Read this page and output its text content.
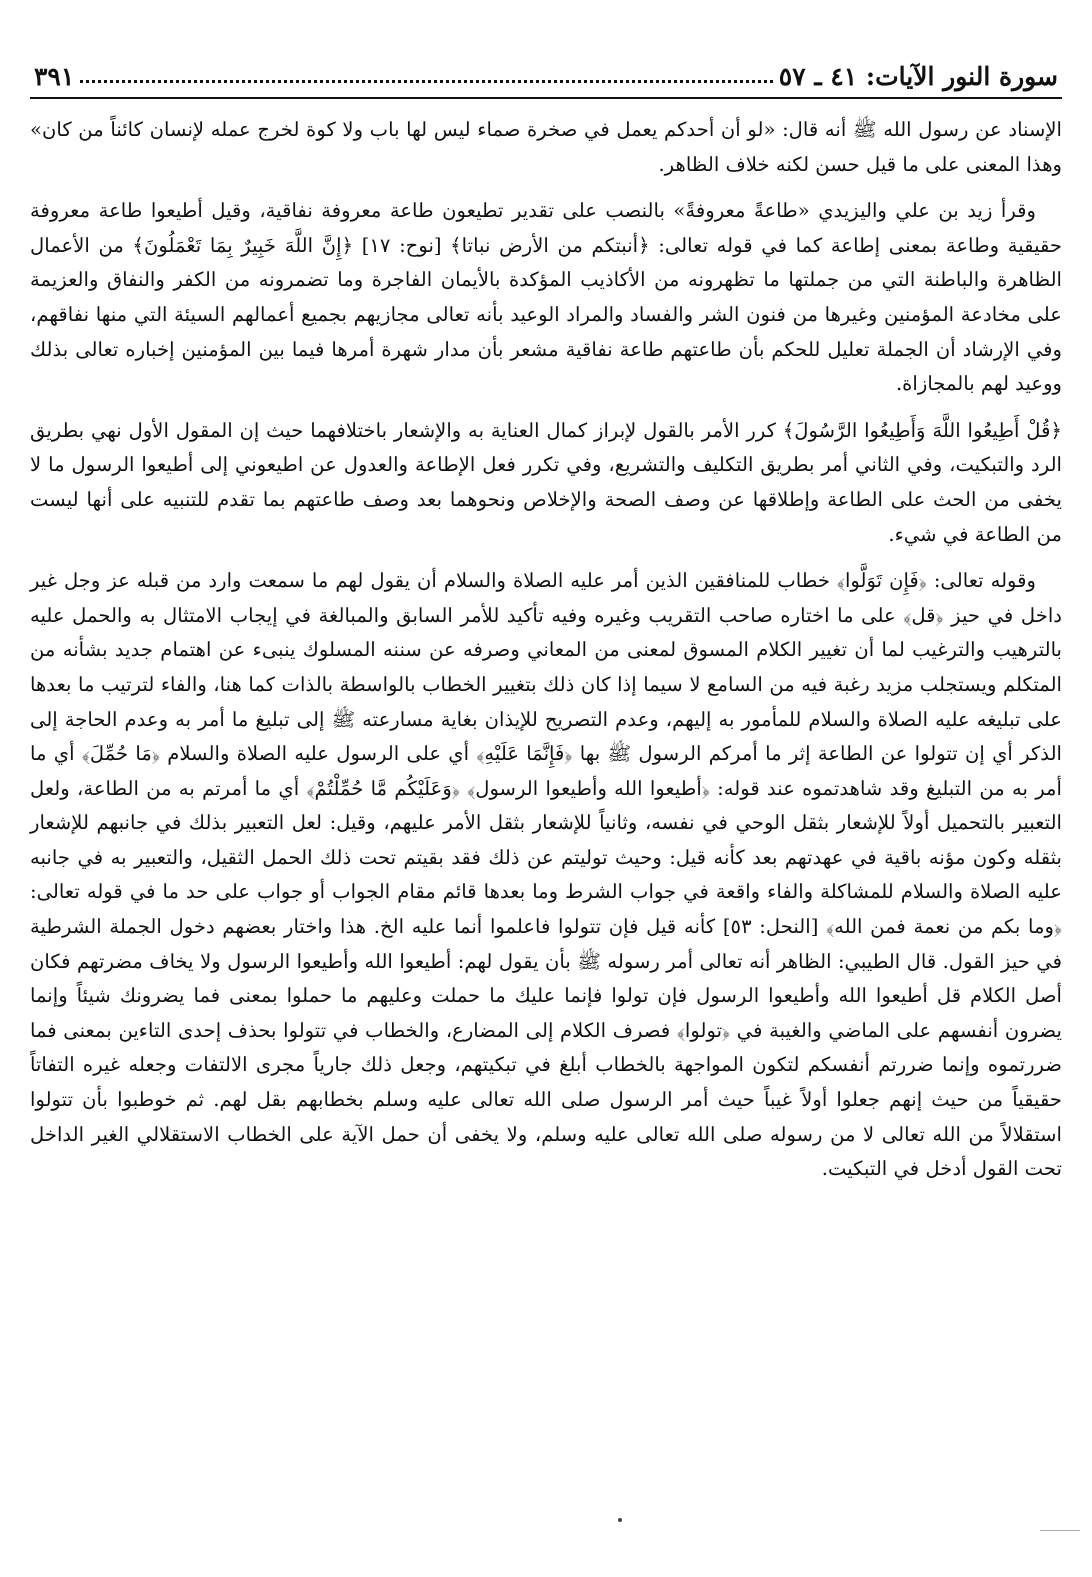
سورة النور الآيات: ٤١ ـ ٥٧
٣٩١

الإسناد عن رسول الله ﷺ أنه قال: «لو أن أحدكم يعمل في صخرة صماء ليس لها باب ولا كوة لخرج عمله لإنسان كائناً من كان» وهذا المعنى على ما قيل حسن لكنه خلاف الظاهر.

وقرأ زيد بن علي واليزيدي «طاعةً معروفةً» بالنصب على تقدير تطيعون طاعة معروفة نفاقية، وقيل أطيعوا طاعة معروفة حقيقية وطاعة بمعنى إطاعة كما في قوله تعالى: ﴿أنبتكم من الأرض نباتا﴾ [نوح: ١٧] ﴿إِنَّ اللَّهَ خَبِيرٌ بِمَا تَعْمَلُونَ﴾ من الأعمال الظاهرة والباطنة التي من جملتها ما تظهرونه من الأكاذيب المؤكدة بالأيمان الفاجرة وما تضمرونه من الكفر والنفاق والعزيمة على مخادعة المؤمنين وغيرها من فنون الشر والفساد والمراد الوعيد بأنه تعالى مجازيهم بجميع أعمالهم السيئة التي منها نفاقهم، وفي الإرشاد أن الجملة تعليل للحكم بأن طاعتهم طاعة نفاقية مشعر بأن مدار شهرة أمرها فيما بين المؤمنين إخباره تعالى بذلك ووعيد لهم بالمجازاة.

﴿قُلْ أَطِيعُوا اللَّهَ وَأَطِيعُوا الرَّسُولَ﴾ كرر الأمر بالقول لإبراز كمال العناية به والإشعار باختلافهما حيث إن المقول الأول نهي بطريق الرد والتبكيت، وفي الثاني أمر بطريق التكليف والتشريع، وفي تكرر فعل الإطاعة والعدول عن اطيعوني إلى أطيعوا الرسول ما لا يخفى من الحث على الطاعة وإطلاقها عن وصف الصحة والإخلاص ونحوهما بعد وصف طاعتهم بما تقدم للتنبيه على أنها ليست من الطاعة في شيء.

وقوله تعالى: ﴿فَإِن تَوَلَّوا﴾ خطاب للمنافقين الذين أمر عليه الصلاة والسلام أن يقول لهم ما سمعت وارد من قبله عز وجل غير داخل في حيز ﴿قل﴾ على ما اختاره صاحب التقريب وغيره وفيه تأكيد للأمر السابق والمبالغة في إيجاب الامتثال به والحمل عليه بالترهيب والترغيب لما أن تغيير الكلام المسوق لمعنى من المعاني وصرفه عن سننه المسلوك ينبىء عن اهتمام جديد بشأنه من المتكلم ويستجلب مزيد رغبة فيه من السامع لا سيما إذا كان ذلك بتغيير الخطاب بالواسطة بالذات كما هنا، والفاء لترتيب ما بعدها على تبليغه عليه الصلاة والسلام للمأمور به إليهم، وعدم التصريح للإيذان بغاية مسارعته ﷺ إلى تبليغ ما أمر به وعدم الحاجة إلى الذكر أي إن تتولوا عن الطاعة إثر ما أمركم الرسول ﷺ بها ﴿فَإِنَّمَا عَلَيْهِ﴾ أي على الرسول عليه الصلاة والسلام ﴿مَا حُمِّلَ﴾ أي ما أمر به من التبليغ وقد شاهدتموه عند قوله: ﴿أطيعوا الله وأطيعوا الرسول﴾ ﴿وَعَلَيْكُم مَّا حُمِّلْتُمْ﴾ أي ما أمرتم به من الطاعة، ولعل التعبير بالتحميل أولاً للإشعار بثقل الوحي في نفسه، وثانياً للإشعار بثقل الأمر عليهم، وقيل: لعل التعبير بذلك في جانبهم للإشعار بثقله وكون مؤنه باقية في عهدتهم بعد كأنه قيل: وحيث توليتم عن ذلك فقد بقيتم تحت ذلك الحمل الثقيل، والتعبير به في جانبه عليه الصلاة والسلام للمشاكلة والفاء واقعة في جواب الشرط وما بعدها قائم مقام الجواب أو جواب على حد ما في قوله تعالى: ﴿وما بكم من نعمة فمن الله﴾ [النحل: ٥٣] كأنه قيل فإن تتولوا فاعلموا أنما عليه الخ. هذا واختار بعضهم دخول الجملة الشرطية في حيز القول. قال الطيبي: الظاهر أنه تعالى أمر رسوله ﷺ بأن يقول لهم: أطيعوا الله وأطيعوا الرسول ولا يخاف مضرتهم فكان أصل الكلام قل أطيعوا الله وأطيعوا الرسول فإن تولوا فإنما عليك ما حملت وعليهم ما حملوا بمعنى فما يضرونك شيئاً وإنما يضرون أنفسهم على الماضي والغيبة في ﴿تولوا﴾ فصرف الكلام إلى المضارع، والخطاب في تتولوا بحذف إحدى التاءين بمعنى فما ضررتموه وإنما ضررتم أنفسكم لتكون المواجهة بالخطاب أبلغ في تبكيتهم، وجعل ذلك جارياً مجرى الالتفات وجعله غيره التفاتاً حقيقياً من حيث إنهم جعلوا أولاً غيباً حيث أمر الرسول صلى الله تعالى عليه وسلم بخطابهم بقل لهم. ثم خوطبوا بأن تتولوا استقلالاً من الله تعالى لا من رسوله صلى الله تعالى عليه وسلم، ولا يخفى أن حمل الآية على الخطاب الاستقلالي الغير الداخل تحت القول أدخل في التبكيت.
